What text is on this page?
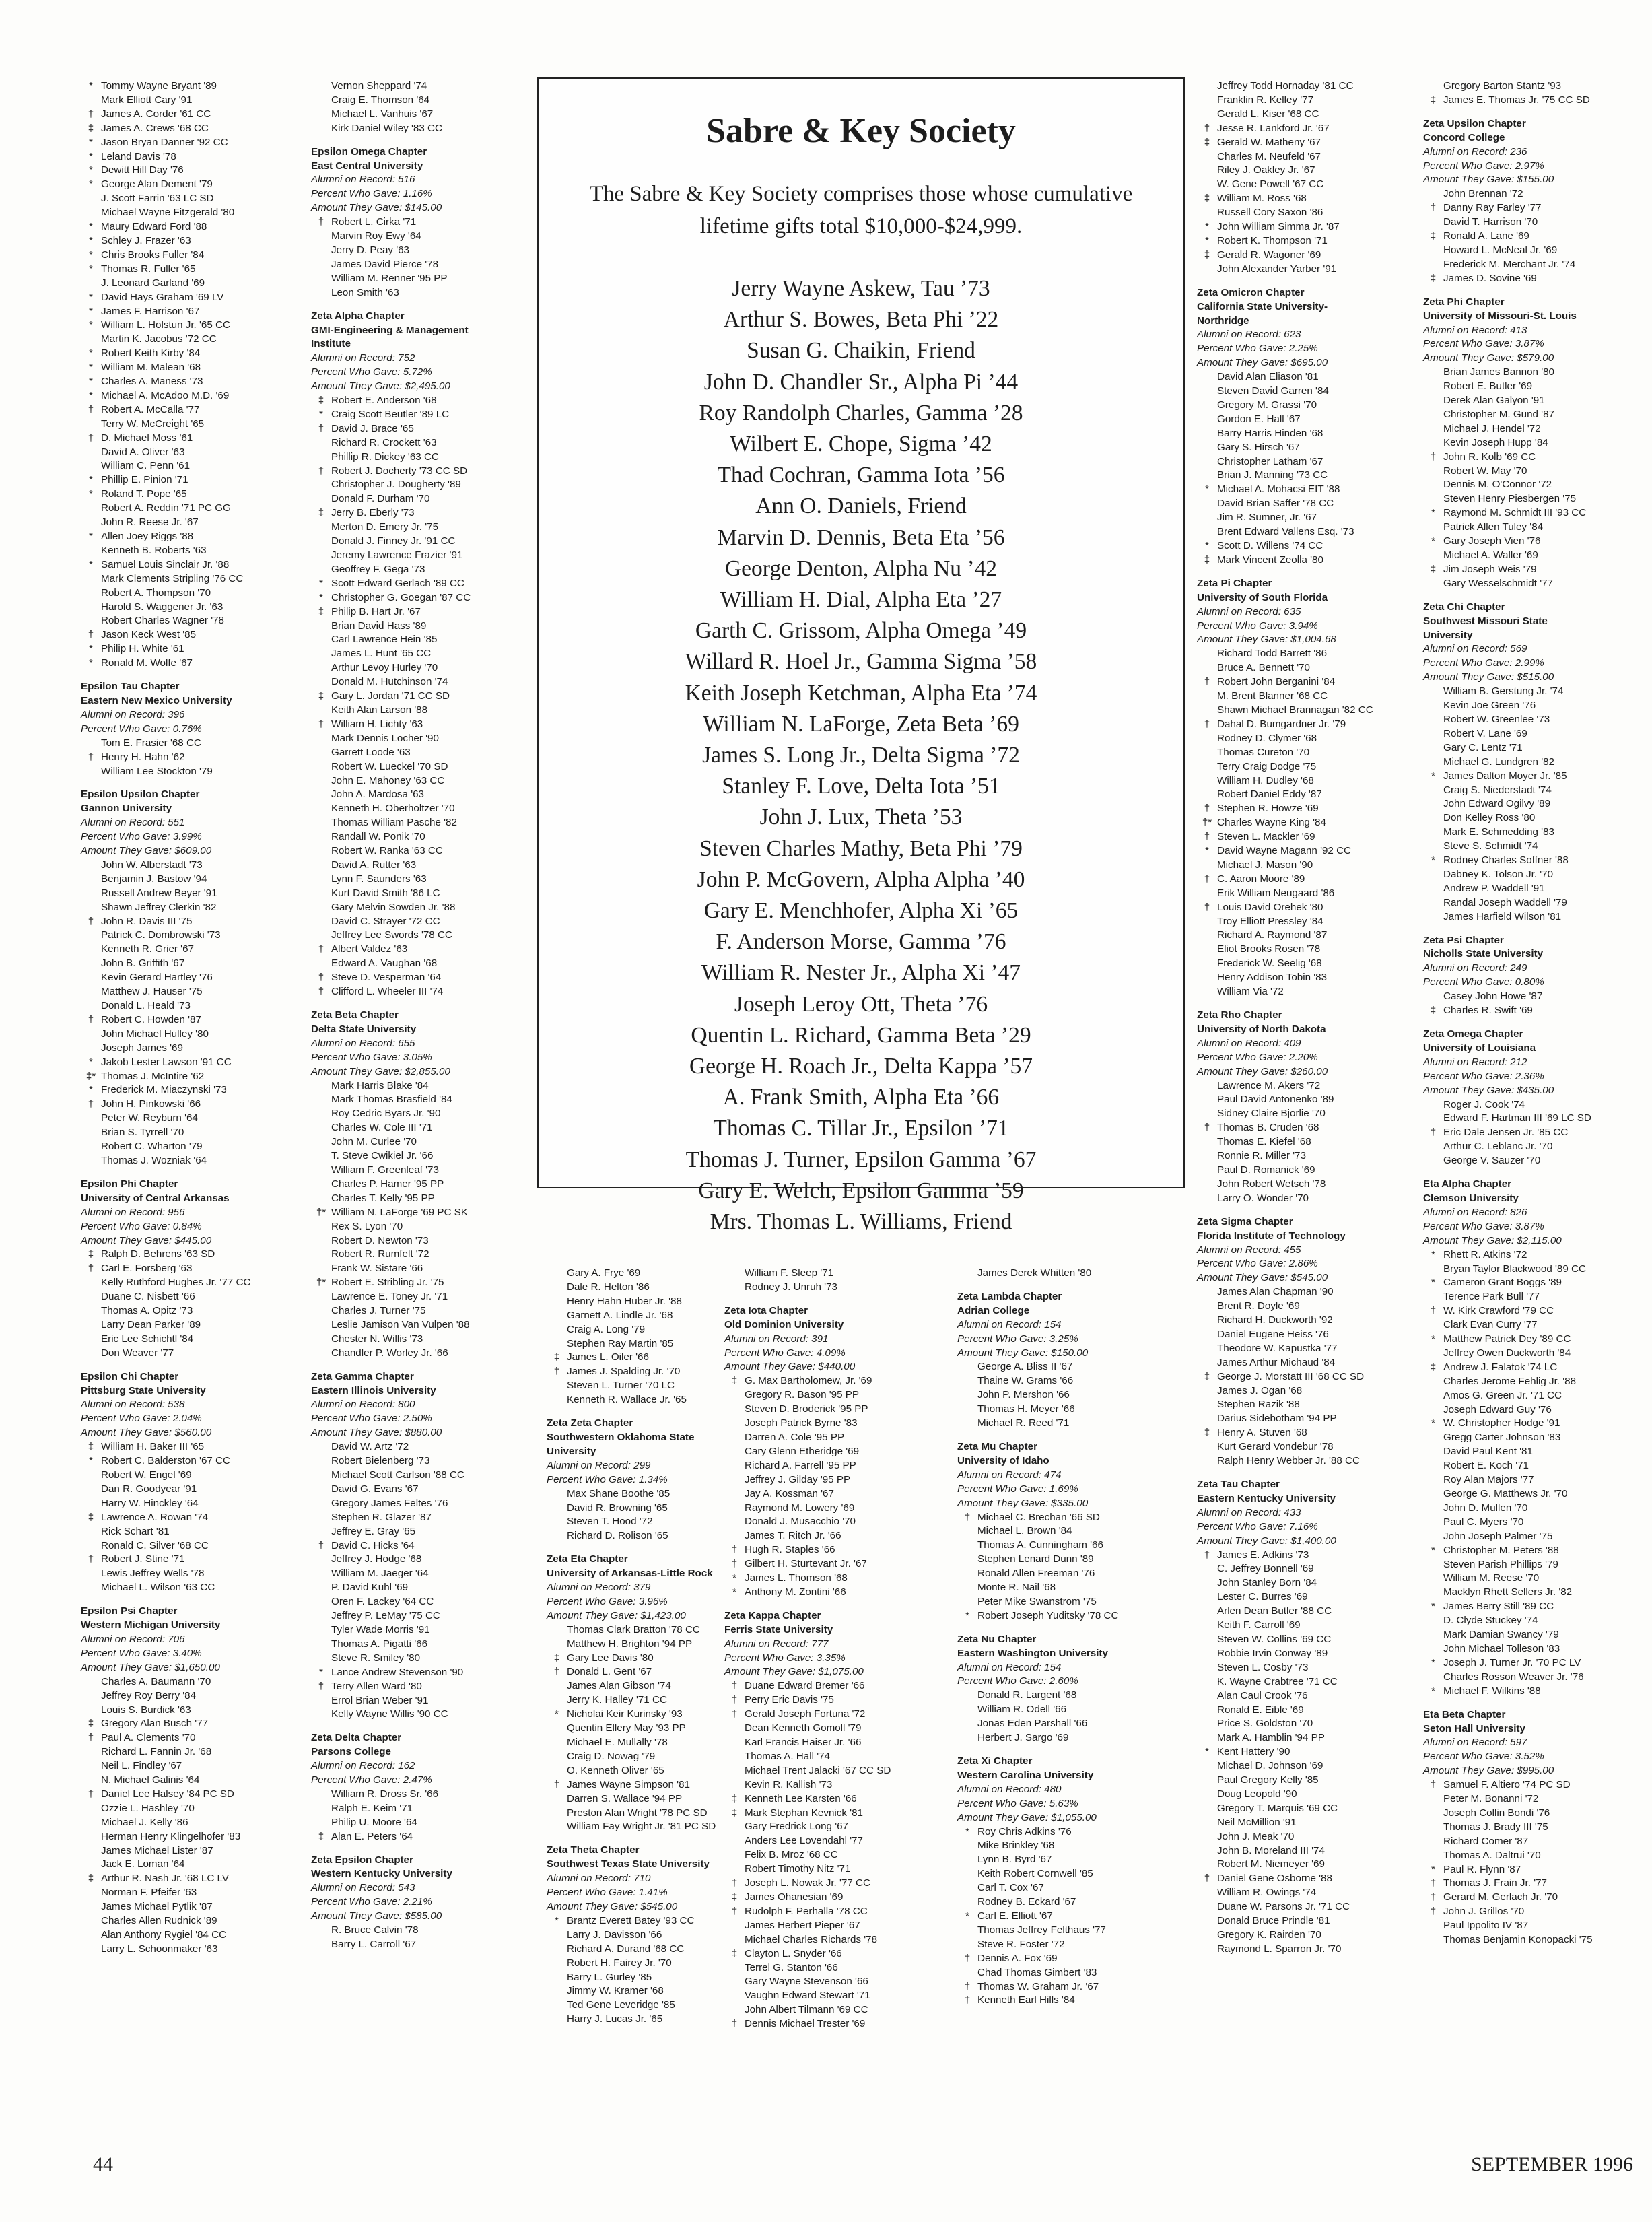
* Tommy Wayne Bryant '89
Mark Elliott Cary '91
† James A. Corder '61 CC
‡ James A. Crews '68 CC
* Jason Bryan Danner '92 CC
* Leland Davis '78
* Dewitt Hill Day '76
* George Alan Dement '79
J. Scott Farrin '63 LC SD
Michael Wayne Fitzgerald '80
* Maury Edward Ford '88
* Schley J. Frazer '63
* Chris Brooks Fuller '84
* Thomas R. Fuller '65
J. Leonard Garland '69
* David Hays Graham '69 LV
* James F. Harrison '67
* William L. Holstun Jr. '65 CC
Martin K. Jacobus '72 CC
* Robert Keith Kirby '84
* William M. Malean '68
* Charles A. Maness '73
* Michael A. McAdoo M.D. '69
† Robert A. McCalla '77
Terry W. McCreight '65
† D. Michael Moss '61
David A. Oliver '63
William C. Penn '61
* Phillip E. Pinion '71
* Roland T. Pope '65
Robert A. Reddin '71 PC GG
John R. Reese Jr. '67
* Allen Joey Riggs '88
Kenneth B. Roberts '63
* Samuel Louis Sinclair Jr. '88
Mark Clements Stripling '76 CC
Robert A. Thompson '70
Harold S. Waggener Jr. '63
Robert Charles Wagner '78
† Jason Keck West '85
* Philip H. White '61
* Ronald M. Wolfe '67
Epsilon Tau Chapter
Eastern New Mexico University
Alumni on Record: 396
Percent Who Gave: 0.76%
Tom E. Frasier '68 CC
† Henry H. Hahn '62
William Lee Stockton '79
Epsilon Upsilon Chapter
Gannon University
Alumni on Record: 551
Percent Who Gave: 3.99%
Amount They Gave: $609.00
John W. Alberstadt '73
Benjamin J. Bastow '94
Russell Andrew Beyer '91
Shawn Jeffrey Clerkin '82
† John R. Davis III '75
Patrick C. Dombrowski '73
Kenneth R. Grier '67
John B. Griffith '67
Kevin Gerard Hartley '76
Matthew J. Hauser '75
Donald L. Heald '73
† Robert C. Howden '87
John Michael Hulley '80
Joseph James '69
* Jakob Lester Lawson '91 CC
‡* Thomas J. McIntire '62
* Frederick M. Miaczynski '73
† John H. Pinkowski '66
Peter W. Reyburn '64
Brian S. Tyrrell '70
Robert C. Wharton '79
Thomas J. Wozniak '64
Epsilon Phi Chapter
University of Central Arkansas
Alumni on Record: 956
Percent Who Gave: 0.84%
Amount They Gave: $445.00
‡ Ralph D. Behrens '63 SD
† Carl E. Forsberg '63
Kelly Ruthford Hughes Jr. '77 CC
Duane C. Nisbett '66
Thomas A. Opitz '73
Larry Dean Parker '89
Eric Lee Schichtl '84
Don Weaver '77
Epsilon Chi Chapter
Pittsburg State University
Alumni on Record: 538
Percent Who Gave: 2.04%
Amount They Gave: $560.00
‡ William H. Baker III '65
* Robert C. Balderston '67 CC
Robert W. Engel '69
Dan R. Goodyear '91
Harry W. Hinckley '64
‡ Lawrence A. Rowan '74
Rick Schart '81
Ronald C. Silver '68 CC
† Robert J. Stine '71
Lewis Jeffrey Wells '78
Michael L. Wilson '63 CC
Epsilon Psi Chapter
Western Michigan University
Alumni on Record: 706
Percent Who Gave: 3.40%
Amount They Gave: $1,650.00
Charles A. Baumann '70
Jeffrey Roy Berry '84
Louis S. Burdick '63
‡ Gregory Alan Busch '77
† Paul A. Clements '70
Richard L. Fannin Jr. '68
Neil L. Findley '67
N. Michael Galinis '64
† Daniel Lee Halsey '84 PC SD
Ozzie L. Hashley '70
Michael J. Kelly '86
Herman Henry Klingelhofer '83
James Michael Lister '87
Jack E. Loman '64
‡ Arthur R. Nash Jr. '68 LC LV
Norman F. Pfeifer '63
James Michael Pytlik '87
Charles Allen Rudnick '89
Alan Anthony Rygiel '84 CC
Larry L. Schoonmaker '63
Vernon Sheppard '74
Craig E. Thomson '64
Michael L. Vanhuis '67
Kirk Daniel Wiley '83 CC
Epsilon Omega Chapter
East Central University
Alumni on Record: 516
Percent Who Gave: 1.16%
Amount They Gave: $145.00
† Robert L. Cirka '71
Marvin Roy Ewy '64
Jerry D. Peay '63
James David Pierce '78
William M. Renner '95 PP
Leon Smith '63
Zeta Alpha Chapter
GMI-Engineering & Management
Institute
Alumni on Record: 752
Percent Who Gave: 5.72%
Amount They Gave: $2,495.00
‡ Robert E. Anderson '68
* Craig Scott Beutler '89 LC
† David J. Brace '65
Richard R. Crockett '63
Phillip R. Dickey '63 CC
† Robert J. Docherty '73 CC SD
Christopher J. Dougherty '89
Donald F. Durham '70
‡ Jerry B. Eberly '73
Merton D. Emery Jr. '75
Donald J. Finney Jr. '91 CC
Jeremy Lawrence Frazier '91
Geoffrey F. Gega '73
* Scott Edward Gerlach '89 CC
* Christopher G. Goegan '87 CC
‡ Philip B. Hart Jr. '67
Brian David Hass '89
Carl Lawrence Hein '85
James L. Hunt '65 CC
Arthur Levoy Hurley '70
Donald M. Hutchinson '74
‡ Gary L. Jordan '71 CC SD
Keith Alan Larson '88
† William H. Lichty '63
Mark Dennis Locher '90
Garrett Loode '63
Robert W. Lueckel '70 SD
John E. Mahoney '63 CC
John A. Mardosa '63
Kenneth H. Oberholtzer '70
Thomas William Pasche '82
Randall W. Ponik '70
Robert W. Ranka '63 CC
David A. Rutter '63
Lynn F. Saunders '63
Kurt David Smith '86 LC
Gary Melvin Sowden Jr. '88
David C. Strayer '72 CC
Jeffrey Lee Swords '78 CC
† Albert Valdez '63
Edward A. Vaughan '68
† Steve D. Vesperman '64
† Clifford L. Wheeler III '74
Zeta Beta Chapter
Delta State University
Alumni on Record: 655
Percent Who Gave: 3.05%
Amount They Gave: $2,855.00
Mark Harris Blake '84
Mark Thomas Brasfield '84
Roy Cedric Byars Jr. '90
Charles W. Cole III '71
John M. Curlee '70
T. Steve Cwikiel Jr. '66
William F. Greenleaf '73
Charles P. Hamer '95 PP
Charles T. Kelly '95 PP
†* William N. LaForge '69 PC SK
Rex S. Lyon '70
Robert D. Newton '73
Robert R. Rumfelt '72
Frank W. Sistare '66
†* Robert E. Stribling Jr. '75
Lawrence E. Toney Jr. '71
Charles J. Turner '75
Leslie Jamison Van Vulpen '88
Chester N. Willis '73
Chandler P. Worley Jr. '66
Zeta Gamma Chapter
Eastern Illinois University
Alumni on Record: 800
Percent Who Gave: 2.50%
Amount They Gave: $880.00
David W. Artz '72
Robert Bielenberg '73
Michael Scott Carlson '88 CC
David G. Evans '67
Gregory James Feltes '76
Stephen R. Glazer '87
Jeffrey E. Gray '65
† David C. Hicks '64
Jeffrey J. Hodge '68
William M. Jaeger '64
P. David Kuhl '69
Oren F. Lackey '64 CC
Jeffrey P. LeMay '75 CC
Tyler Wade Morris '91
Thomas A. Pigatti '66
Steve R. Smiley '80
* Lance Andrew Stevenson '90
† Terry Allen Ward '80
Errol Brian Weber '91
Kelly Wayne Willis '90 CC
Zeta Delta Chapter
Parsons College
Alumni on Record: 162
Percent Who Gave: 2.47%
William R. Dross Sr. '66
Ralph E. Keim '71
Philip U. Moore '64
‡ Alan E. Peters '64
Zeta Epsilon Chapter
Western Kentucky University
Alumni on Record: 543
Percent Who Gave: 2.21%
Amount They Gave: $585.00
R. Bruce Calvin '78
Barry L. Carroll '67
Sabre & Key Society
The Sabre & Key Society comprises those whose cumulative lifetime gifts total $10,000-$24,999.
Jerry Wayne Askew, Tau ’73
Arthur S. Bowes, Beta Phi ’22
Susan G. Chaikin, Friend
John D. Chandler Sr., Alpha Pi ’44
Roy Randolph Charles, Gamma ’28
Wilbert E. Chope, Sigma ’42
Thad Cochran, Gamma Iota ’56
Ann O. Daniels, Friend
Marvin D. Dennis, Beta Eta ’56
George Denton, Alpha Nu ’42
William H. Dial, Alpha Eta ’27
Garth C. Grissom, Alpha Omega ’49
Willard R. Hoel Jr., Gamma Sigma ’58
Keith Joseph Ketchman, Alpha Eta ’74
William N. LaForge, Zeta Beta ’69
James S. Long Jr., Delta Sigma ’72
Stanley F. Love, Delta Iota ’51
John J. Lux, Theta ’53
Steven Charles Mathy, Beta Phi ’79
John P. McGovern, Alpha Alpha ’40
Gary E. Menchhofer, Alpha Xi ’65
F. Anderson Morse, Gamma ’76
William R. Nester Jr., Alpha Xi ’47
Joseph Leroy Ott, Theta ’76
Quentin L. Richard, Gamma Beta ’29
George H. Roach Jr., Delta Kappa ’57
A. Frank Smith, Alpha Eta ’66
Thomas C. Tillar Jr., Epsilon ’71
Thomas J. Turner, Epsilon Gamma ’67
Gary E. Welch, Epsilon Gamma ’59
Mrs. Thomas L. Williams, Friend
Gary A. Frye '69
Dale R. Helton '86
Henry Hahn Huber Jr. '88
Garnett A. Lindle Jr. '68
Craig A. Long '79
Stephen Ray Martin '85
‡ James L. Oiler '66
† James J. Spalding Jr. '70
Steven L. Turner '70 LC
Kenneth R. Wallace Jr. '65
Zeta Zeta Chapter
Southwestern Oklahoma State
University
Alumni on Record: 299
Percent Who Gave: 1.34%
Max Shane Boothe '85
David R. Browning '65
Steven T. Hood '72
Richard D. Rolison '65
Zeta Eta Chapter
University of Arkansas-Little Rock
Alumni on Record: 379
Percent Who Gave: 3.96%
Amount They Gave: $1,423.00
Thomas Clark Bratton '78 CC
Matthew H. Brighton '94 PP
‡ Gary Lee Davis '80
† Donald L. Gent '67
James Alan Gibson '74
Jerry K. Halley '71 CC
* Nicholai Keir Kurinsky '93
Quentin Ellery May '93 PP
Michael E. Mullally '78
Craig D. Nowag '79
O. Kenneth Oliver '65
† James Wayne Simpson '81
Darren S. Wallace '94 PP
Preston Alan Wright '78 PC SD
William Fay Wright Jr. '81 PC SD
Zeta Theta Chapter
Southwest Texas State University
Alumni on Record: 710
Percent Who Gave: 1.41%
Amount They Gave: $545.00
* Brantz Everett Batey '93 CC
Larry J. Davisson '66
Richard A. Durand '68 CC
Robert H. Fairey Jr. '70
Barry L. Gurley '85
Jimmy W. Kramer '68
Ted Gene Leveridge '85
Harry J. Lucas Jr. '65
William F. Sleep '71
Rodney J. Unruh '73
Zeta Iota Chapter
Old Dominion University
Alumni on Record: 391
Percent Who Gave: 4.09%
Amount They Gave: $440.00
‡ G. Max Bartholomew, Jr. '69
Gregory R. Bason '95 PP
Steven D. Broderick '95 PP
Joseph Patrick Byrne '83
Darren A. Cole '95 PP
Cary Glenn Etheridge '69
Richard A. Farrell '95 PP
Jeffrey J. Gilday '95 PP
Jay A. Kossman '67
Raymond M. Lowery '69
Donald J. Musacchio '70
James T. Ritch Jr. '66
† Hugh R. Staples '66
† Gilbert H. Sturtevant Jr. '67
* James L. Thomson '68
* Anthony M. Zontini '66
Zeta Kappa Chapter
Ferris State University
Alumni on Record: 777
Percent Who Gave: 3.35%
Amount They Gave: $1,075.00
† Duane Edward Bremer '66
† Perry Eric Davis '75
† Gerald Joseph Fortuna '72
Dean Kenneth Gomoll '79
Karl Francis Haiser Jr. '66
Thomas A. Hall '74
Michael Trent Jalacki '67 CC SD
Kevin R. Kallish '73
‡ Kenneth Lee Karsten '66
‡ Mark Stephan Kevnick '81
Gary Fredrick Long '67
Anders Lee Lovendahl '77
Felix B. Mroz '68 CC
Robert Timothy Nitz '71
† Joseph L. Nowak Jr. '77 CC
‡ James Ohanesian '69
† Rudolph F. Perhalla '78 CC
James Herbert Pieper '67
Michael Charles Richards '78
‡ Clayton L. Snyder '66
Terrel G. Stanton '66
Gary Wayne Stevenson '66
Vaughn Edward Stewart '71
John Albert Tilmann '69 CC
† Dennis Michael Trester '69
James Derek Whitten '80
Zeta Lambda Chapter
Adrian College
Alumni on Record: 154
Percent Who Gave: 3.25%
Amount They Gave: $150.00
George A. Bliss II '67
Thaine W. Grams '66
John P. Mershon '66
Thomas H. Meyer '66
Michael R. Reed '71
Zeta Mu Chapter
University of Idaho
Alumni on Record: 474
Percent Who Gave: 1.69%
Amount They Gave: $335.00
† Michael C. Brechan '66 SD
Michael L. Brown '84
Thomas A. Cunningham '66
Stephen Lenard Dunn '89
Ronald Allen Freeman '76
Monte R. Nail '68
Peter Mike Swanstrom '75
* Robert Joseph Yuditsky '78 CC
Zeta Nu Chapter
Eastern Washington University
Alumni on Record: 154
Percent Who Gave: 2.60%
Donald R. Largent '68
William R. Odell '66
Jonas Eden Parshall '66
Herbert J. Sargo '69
Zeta Xi Chapter
Western Carolina University
Alumni on Record: 480
Percent Who Gave: 5.63%
Amount They Gave: $1,055.00
* Roy Chris Adkins '76
Mike Brinkley '68
Lynn B. Byrd '67
Keith Robert Cornwell '85
Carl T. Cox '67
Rodney B. Eckard '67
* Carl E. Elliott '67
Thomas Jeffrey Felthaus '77
Steve R. Foster '72
† Dennis A. Fox '69
Chad Thomas Gimbert '83
† Thomas W. Graham Jr. '67
† Kenneth Earl Hills '84
Jeffrey Todd Hornaday '81 CC
Franklin R. Kelley '77
Gerald L. Kiser '68 CC
† Jesse R. Lankford Jr. '67
‡ Gerald W. Matheny '67
Charles M. Neufeld '67
Riley J. Oakley Jr. '67
W. Gene Powell '67 CC
‡ William M. Ross '68
Russell Cory Saxon '86
* John William Simma Jr. '87
* Robert K. Thompson '71
‡ Gerald R. Wagoner '69
John Alexander Yarber '91
Zeta Omicron Chapter
California State University-
Northridge
Alumni on Record: 623
Percent Who Gave: 2.25%
Amount They Gave: $695.00
David Alan Eliason '81
Steven David Garren '84
Gregory M. Grassi '70
Gordon E. Hall '67
Barry Harris Hinden '68
Gary S. Hirsch '67
Christopher Latham '67
Brian J. Manning '73 CC
* Michael A. Mohacsi EIT '88
David Brian Saffer '78 CC
Jim R. Sumner, Jr. '67
Brent Edward Vallens Esq. '73
* Scott D. Willens '74 CC
‡ Mark Vincent Zeolla '80
Zeta Pi Chapter
University of South Florida
Alumni on Record: 635
Percent Who Gave: 3.94%
Amount They Gave: $1,004.68
Richard Todd Barrett '86
Bruce A. Bennett '70
† Robert John Berganini '84
M. Brent Blanner '68 CC
Shawn Michael Brannagan '82 CC
† Dahal D. Bumgardner Jr. '79
Rodney D. Clymer '68
Thomas Cureton '70
Terry Craig Dodge '75
William H. Dudley '68
Robert Daniel Eddy '87
† Stephen R. Howze '69
†* Charles Wayne King '84
† Steven L. Mackler '69
* David Wayne Magann '92 CC
Michael J. Mason '90
† C. Aaron Moore '89
Erik William Neugaard '86
† Louis David Orehek '80
Troy Elliott Pressley '84
Richard A. Raymond '87
Eliot Brooks Rosen '78
Frederick W. Seelig '68
Henry Addison Tobin '83
William Via '72
Zeta Rho Chapter
University of North Dakota
Alumni on Record: 409
Percent Who Gave: 2.20%
Amount They Gave: $260.00
Lawrence M. Akers '72
Paul David Antonenko '89
Sidney Claire Bjorlie '70
† Thomas B. Cruden '68
Thomas E. Kiefel '68
Ronnie R. Miller '73
Paul D. Romanick '69
John Robert Wetsch '78
Larry O. Wonder '70
Zeta Sigma Chapter
Florida Institute of Technology
Alumni on Record: 455
Percent Who Gave: 2.86%
Amount They Gave: $545.00
James Alan Chapman '90
Brent R. Doyle '69
Richard H. Duckworth '92
Daniel Eugene Heiss '76
Theodore W. Kapustka '77
James Arthur Michaud '84
‡ George J. Morstatt III '68 CC SD
James J. Ogan '68
Stephen Razik '88
Darius Sidebotham '94 PP
‡ Henry A. Stuven '68
Kurt Gerard Vondebur '78
Ralph Henry Webber Jr. '88 CC
Zeta Tau Chapter
Eastern Kentucky University
Alumni on Record: 433
Percent Who Gave: 7.16%
Amount They Gave: $1,400.00
† James E. Adkins '73
C. Jeffrey Bonnell '69
John Stanley Born '84
Lester C. Burres '69
Arlen Dean Butler '88 CC
Keith F. Carroll '69
Steven W. Collins '69 CC
Robbie Irvin Conway '89
Steven L. Cosby '73
K. Wayne Crabtree '71 CC
Alan Caul Crook '76
Ronald E. Eible '69
Price S. Goldston '70
Mark A. Hamblin '94 PP
* Kent Hattery '90
Michael D. Johnson '69
Paul Gregory Kelly '85
Doug Leopold '90
Gregory T. Marquis '69 CC
Neil McMillion '91
John J. Meak '70
John B. Moreland III '74
Robert M. Niemeyer '69
† Daniel Gene Osborne '88
William R. Owings '74
Duane W. Parsons Jr. '71 CC
Donald Bruce Prindle '81
Gregory K. Rairden '70
Raymond L. Sparron Jr. '70
Gregory Barton Stantz '93
‡ James E. Thomas Jr. '75 CC SD
Zeta Upsilon Chapter
Concord College
Alumni on Record: 236
Percent Who Gave: 2.97%
Amount They Gave: $155.00
John Brennan '72
† Danny Ray Farley '77
David T. Harrison '70
‡ Ronald A. Lane '69
Howard L. McNeal Jr. '69
Frederick M. Merchant Jr. '74
‡ James D. Sovine '69
Zeta Phi Chapter
University of Missouri-St. Louis
Alumni on Record: 413
Percent Who Gave: 3.87%
Amount They Gave: $579.00
Brian James Bannon '80
Robert E. Butler '69
Derek Alan Galyon '91
Christopher M. Gund '87
Michael J. Hendel '72
Kevin Joseph Hupp '84
† John R. Kolb '69 CC
Robert W. May '70
Dennis M. O'Connor '72
Steven Henry Piesbergen '75
* Raymond M. Schmidt III '93 CC
Patrick Allen Tuley '84
* Gary Joseph Vien '76
Michael A. Waller '69
‡ Jim Joseph Weis '79
Gary Wesselschmidt '77
Zeta Chi Chapter
Southwest Missouri State
University
Alumni on Record: 569
Percent Who Gave: 2.99%
Amount They Gave: $515.00
William B. Gerstung Jr. '74
Kevin Joe Green '76
Robert W. Greenlee '73
Robert V. Lane '69
Gary C. Lentz '71
Michael G. Lundgren '82
* James Dalton Moyer Jr. '85
Craig S. Niederstadt '74
John Edward Ogilvy '89
Don Kelley Ross '80
Mark E. Schmedding '83
Steve S. Schmidt '74
* Rodney Charles Soffner '88
Dabney K. Tolson Jr. '70
Andrew P. Waddell '91
Randal Joseph Waddell '79
James Harfield Wilson '81
Zeta Psi Chapter
Nicholls State University
Alumni on Record: 249
Percent Who Gave: 0.80%
Casey John Howe '87
‡ Charles R. Swift '69
Zeta Omega Chapter
University of Louisiana
Alumni on Record: 212
Percent Who Gave: 2.36%
Amount They Gave: $435.00
Roger J. Cook '74
Edward F. Hartman III '69 LC SD
† Eric Dale Jensen Jr. '85 CC
Arthur C. Leblanc Jr. '70
George V. Sauzer '70
Eta Alpha Chapter
Clemson University
Alumni on Record: 826
Percent Who Gave: 3.87%
Amount They Gave: $2,115.00
* Rhett R. Atkins '72
Bryan Taylor Blackwood '89 CC
* Cameron Grant Boggs '89
Terence Park Bull '77
† W. Kirk Crawford '79 CC
Clark Evan Curry '77
* Matthew Patrick Dey '89 CC
Jeffrey Owen Duckworth '84
‡ Andrew J. Falatok '74 LC
Charles Jerome Fehlig Jr. '88
Amos G. Green Jr. '71 CC
Joseph Edward Guy '76
* W. Christopher Hodge '91
Gregg Carter Johnson '83
David Paul Kent '81
Robert E. Koch '71
Roy Alan Majors '77
George G. Matthews Jr. '70
John D. Mullen '70
Paul C. Myers '70
John Joseph Palmer '75
* Christopher M. Peters '88
Steven Parish Phillips '79
William M. Reese '70
Macklyn Rhett Sellers Jr. '82
* James Berry Still '89 CC
D. Clyde Stuckey '74
Mark Damian Swancy '79
John Michael Tolleson '83
* Joseph J. Turner Jr. '70 PC LV
Charles Rosson Weaver Jr. '76
* Michael F. Wilkins '88
Eta Beta Chapter
Seton Hall University
Alumni on Record: 597
Percent Who Gave: 3.52%
Amount They Gave: $995.00
† Samuel F. Altiero '74 PC SD
Peter M. Bonanni '72
Joseph Collin Bondi '76
Thomas J. Brady III '75
Richard Comer '87
Thomas A. Daltrui '70
* Paul R. Flynn '87
† Thomas J. Frain Jr. '77
† Gerard M. Gerlach Jr. '70
† John J. Grillos '70
Paul Ippolito IV '87
Thomas Benjamin Konopacki '75
44	SEPTEMBER 1996
